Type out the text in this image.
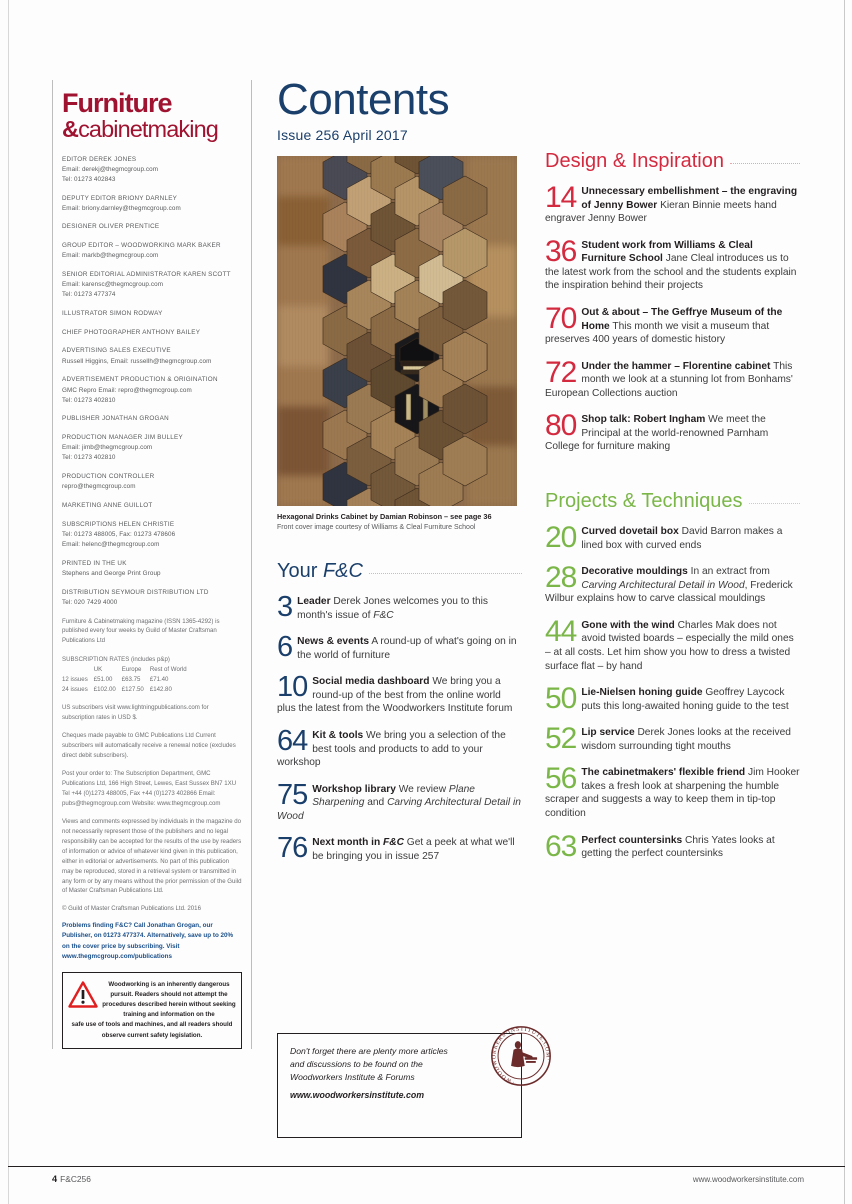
Furniture
&cabinetmaking
EDITOR DEREK JONES
Email: derekj@thegmcgroup.com
Tel: 01273 402843
DEPUTY EDITOR BRIONY DARNLEY
Email: briony.darnley@thegmcgroup.com
DESIGNER OLIVER PRENTICE
GROUP EDITOR – WOODWORKING MARK BAKER
Email: markb@thegmcgroup.com
SENIOR EDITORIAL ADMINISTRATOR KAREN SCOTT
Email: karensc@thegmcgroup.com
Tel: 01273 477374
ILLUSTRATOR SIMON RODWAY
CHIEF PHOTOGRAPHER ANTHONY BAILEY
ADVERTISING SALES EXECUTIVE
Russell Higgins, Email: russellh@thegmcgroup.com
ADVERTISEMENT PRODUCTION & ORIGINATION
GMC Repro Email: repro@thegmcgroup.com
Tel: 01273 402810
PUBLISHER JONATHAN GROGAN
PRODUCTION MANAGER JIM BULLEY
Email: jimb@thegmcgroup.com
Tel: 01273 402810
PRODUCTION CONTROLLER
repro@thegmcgroup.com
MARKETING ANNE GUILLOT
SUBSCRIPTIONS HELEN CHRISTIE
Tel: 01273 488005, Fax: 01273 478606
Email: helenc@thegmcgroup.com
PRINTED IN THE UK
Stephens and George Print Group
DISTRIBUTION SEYMOUR DISTRIBUTION LTD
Tel: 020 7429 4000
Furniture & Cabinetmaking magazine (ISSN 1365-4292) is published every four weeks by Guild of Master Craftsman Publications Ltd
SUBSCRIPTION RATES (includes p&p)
	UK	Europe	Rest of World
12 issues	£51.00	£63.75	£71.40
24 issues	£102.00	£127.50	£142.80
US subscribers visit www.lightningpublications.com for subscription rates in USD $.
Cheques made payable to GMC Publications Ltd Current subscribers will automatically receive a renewal notice (excludes direct debit subscribers).
Post your order to: The Subscription Department, GMC Publications Ltd, 166 High Street, Lewes, East Sussex BN7 1XU Tel +44 (0)1273 488005, Fax +44 (0)1273 402866 Email: pubs@thegmcgroup.com Website: www.thegmcgroup.com
Views and comments expressed by individuals in the magazine do not necessarily represent those of the publishers and no legal responsibility can be accepted for the results of the use by readers of information or advice of whatever kind given in this publication, either in editorial or advertisements. No part of this publication may be reproduced, stored in a retrieval system or transmitted in any form or by any means without the prior permission of the Guild of Master Craftsman Publications Ltd.
© Guild of Master Craftsman Publications Ltd. 2016
Problems finding F&C? Call Jonathan Grogan, our Publisher, on 01273 477374. Alternatively, save up to 20% on the cover price by subscribing. Visit www.thegmcgroup.com/publications
Woodworking is an inherently dangerous pursuit. Readers should not attempt the procedures described herein without seeking training and information on the
safe use of tools and machines, and all readers should observe current safety legislation.
Contents
Issue 256 April 2017
Hexagonal Drinks Cabinet by Damian Robinson – see page 36
Front cover image courtesy of Williams & Cleal Furniture School
Your F&C
3 Leader Derek Jones welcomes you to this month's issue of F&C
6 News & events A round-up of what's going on in the world of furniture
10 Social media dashboard We bring you a round-up of the best from the online world plus the latest from the Woodworkers Institute forum
64 Kit & tools We bring you a selection of the best tools and products to add to your workshop
75 Workshop library We review Plane Sharpening and Carving Architectural Detail in Wood
76 Next month in F&C Get a peek at what we'll be bringing you in issue 257

Don't forget there are plenty more articles and discussions to be found on the Woodworkers Institute & Forums

www.woodworkersinstitute.com

·WOODWORKERS·INSTITUTE.COM·
Design & Inspiration
14 Unnecessary embellishment – the engraving of Jenny Bower Kieran Binnie meets hand engraver Jenny Bower
36 Student work from Williams & Cleal Furniture School Jane Cleal introduces us to the latest work from the school and the students explain the inspiration behind their projects
70 Out & about – The Geffrye Museum of the Home This month we visit a museum that preserves 400 years of domestic history
72 Under the hammer – Florentine cabinet This month we look at a stunning lot from Bonhams' European Collections auction
80 Shop talk: Robert Ingham We meet the Principal at the world-renowned Parnham College for furniture making
Projects & Techniques
20 Curved dovetail box David Barron makes a lined box with curved ends
28 Decorative mouldings In an extract from Carving Architectural Detail in Wood, Frederick Wilbur explains how to carve classical mouldings
44 Gone with the wind Charles Mak does not avoid twisted boards – especially the mild ones – at all costs. Let him show you how to dress a twisted surface flat – by hand
50 Lie-Nielsen honing guide Geoffrey Laycock puts this long-awaited honing guide to the test
52 Lip service Derek Jones looks at the received wisdom surrounding tight mouths
56 The cabinetmakers' flexible friend Jim Hooker takes a fresh look at sharpening the humble scraper and suggests a way to keep them in tip-top condition
63 Perfect countersinks Chris Yates looks at getting the perfect countersinks
4 F&C256	www.woodworkersinstitute.com
